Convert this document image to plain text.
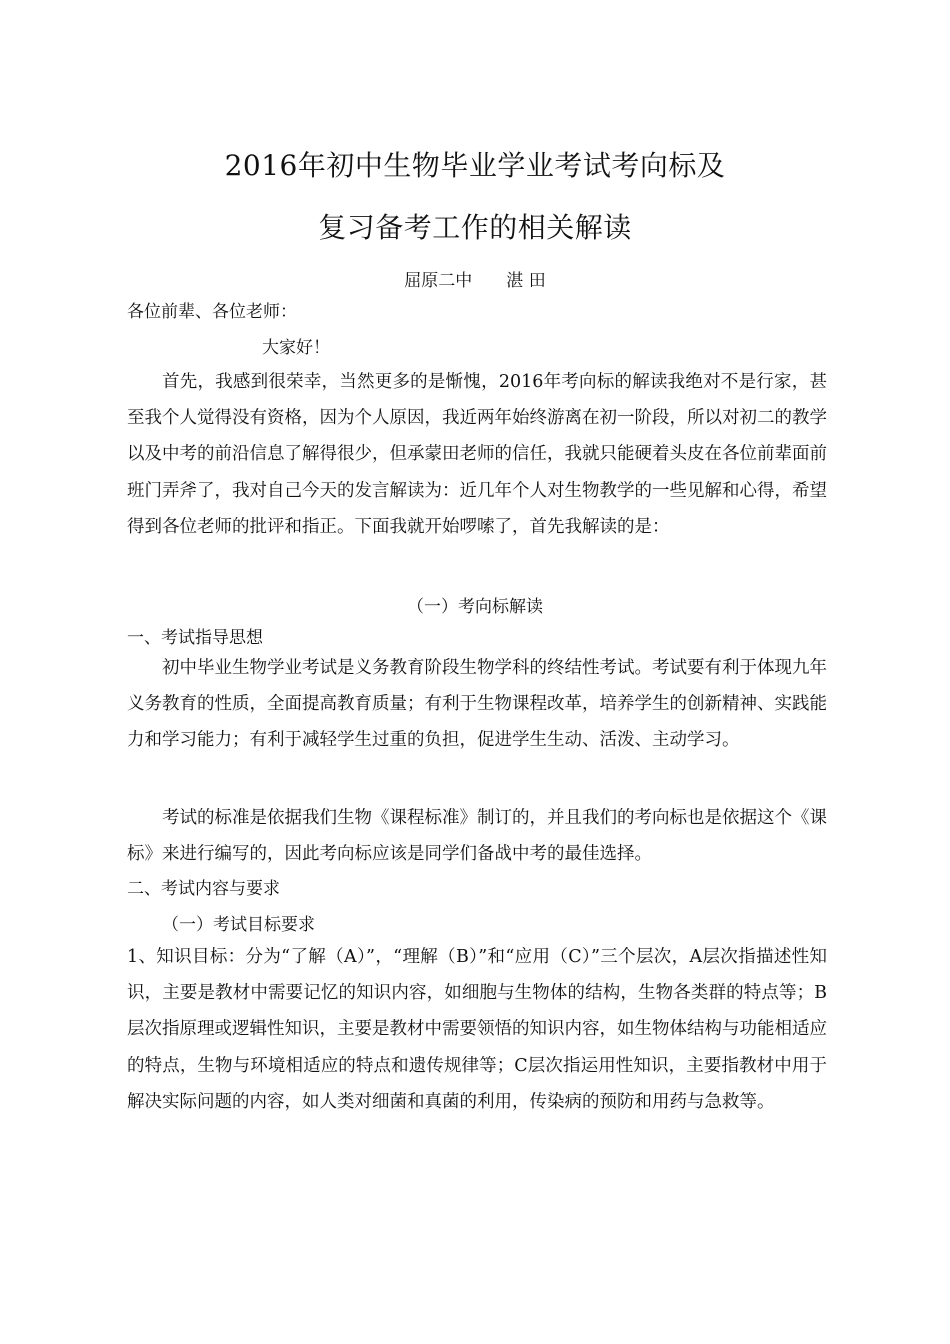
2016年初中生物毕业学业考试考向标及
复习备考工作的相关解读
屈原二中　　湛 田
各位前辈、各位老师：
大家好！
首先，我感到很荣幸，当然更多的是惭愧，2016年考向标的解读我绝对不是行家，甚至我个人觉得没有资格，因为个人原因，我近两年始终游离在初一阶段，所以对初二的教学以及中考的前沿信息了解得很少，但承蒙田老师的信任，我就只能硬着头皮在各位前辈面前班门弄斧了，我对自己今天的发言解读为：近几年个人对生物教学的一些见解和心得，希望得到各位老师的批评和指正。下面我就开始啰嗦了，首先我解读的是：
（一）考向标解读
一、考试指导思想
初中毕业生物学业考试是义务教育阶段生物学科的终结性考试。考试要有利于体现九年义务教育的性质，全面提高教育质量；有利于生物课程改革，培养学生的创新精神、实践能力和学习能力；有利于减轻学生过重的负担，促进学生生动、活泼、主动学习。
考试的标准是依据我们生物《课程标准》制订的，并且我们的考向标也是依据这个《课标》来进行编写的，因此考向标应该是同学们备战中考的最佳选择。
二、考试内容与要求
（一）考试目标要求
1、知识目标：分为“了解（A）”，“理解（B）”和“应用（C）”三个层次，A层次指描述性知识，主要是教材中需要记忆的知识内容，如细胞与生物体的结构，生物各类群的特点等；B层次指原理或逻辑性知识，主要是教材中需要领悟的知识内容，如生物体结构与功能相适应的特点，生物与环境相适应的特点和遗传规律等；C层次指运用性知识，主要指教材中用于解决实际问题的内容，如人类对细菌和真菌的利用，传染病的预防和用药与急救等。
